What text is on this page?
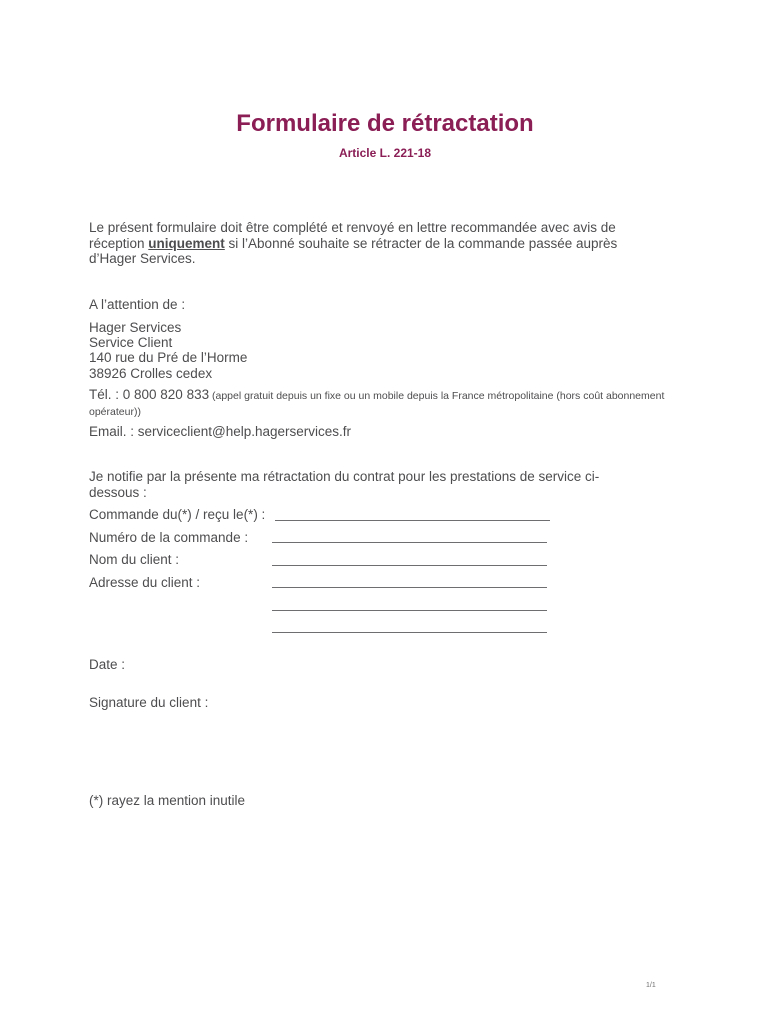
Formulaire de rétractation
Article L. 221-18
Le présent formulaire doit être complété et renvoyé en lettre recommandée avec avis de réception uniquement si l’Abonné souhaite se rétracter de la commande passée auprès d’Hager Services.
A l’attention de :
Hager Services
Service Client
140 rue du Pré de l’Horme
38926 Crolles cedex
Tél. : 0 800 820 833 (appel gratuit depuis un fixe ou un mobile depuis la France métropolitaine (hors coût abonnement opérateur))
Email. : serviceclient@help.hagerservices.fr
Je notifie par la présente ma rétractation du contrat pour les prestations de service ci-dessous :
Commande du(*) / reçu le(*) :
Numéro de la commande :
Nom du client :
Adresse du client :
Date :
Signature du client :
(*) rayez la mention inutile
1/1
